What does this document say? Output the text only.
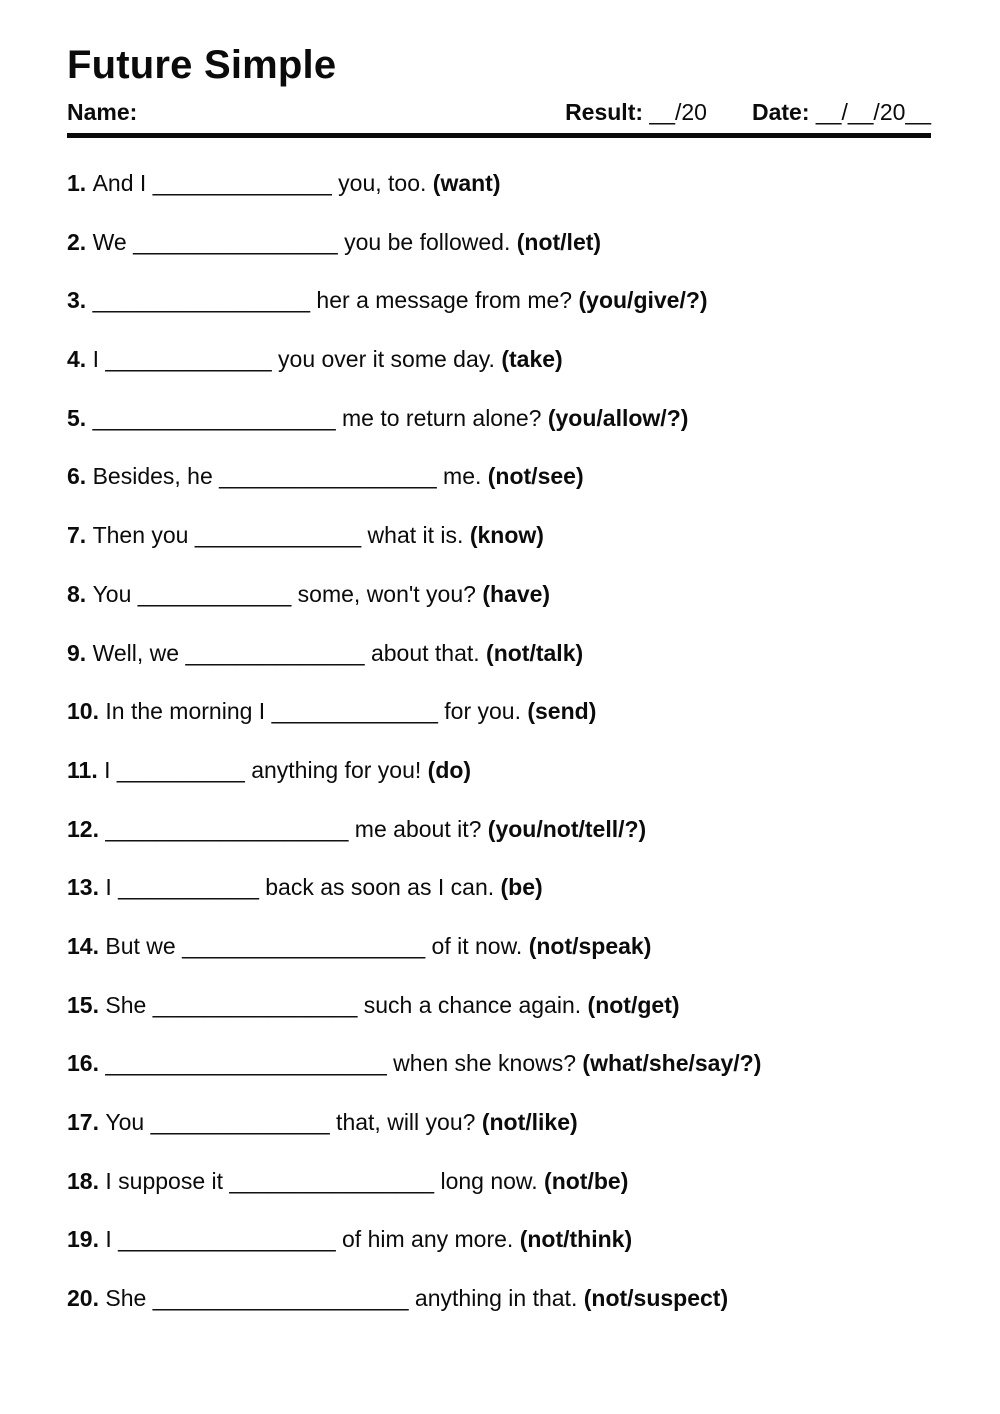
Future Simple
Name:	Result: __/20 Date: __/__/20__
1. And I ______________ you, too. (want)
2. We ________________ you be followed. (not/let)
3. _________________ her a message from me? (you/give/?)
4. I _____________ you over it some day. (take)
5. ___________________ me to return alone? (you/allow/?)
6. Besides, he _________________ me. (not/see)
7. Then you _____________ what it is. (know)
8. You ____________ some, won't you? (have)
9. Well, we ______________ about that. (not/talk)
10. In the morning I _____________ for you. (send)
11. I __________ anything for you! (do)
12. ___________________ me about it? (you/not/tell/?)
13. I ___________ back as soon as I can. (be)
14. But we ___________________ of it now. (not/speak)
15. She ________________ such a chance again. (not/get)
16. ______________________ when she knows? (what/she/say/?)
17. You ______________ that, will you? (not/like)
18. I suppose it ________________ long now. (not/be)
19. I _________________ of him any more. (not/think)
20. She ____________________ anything in that. (not/suspect)
